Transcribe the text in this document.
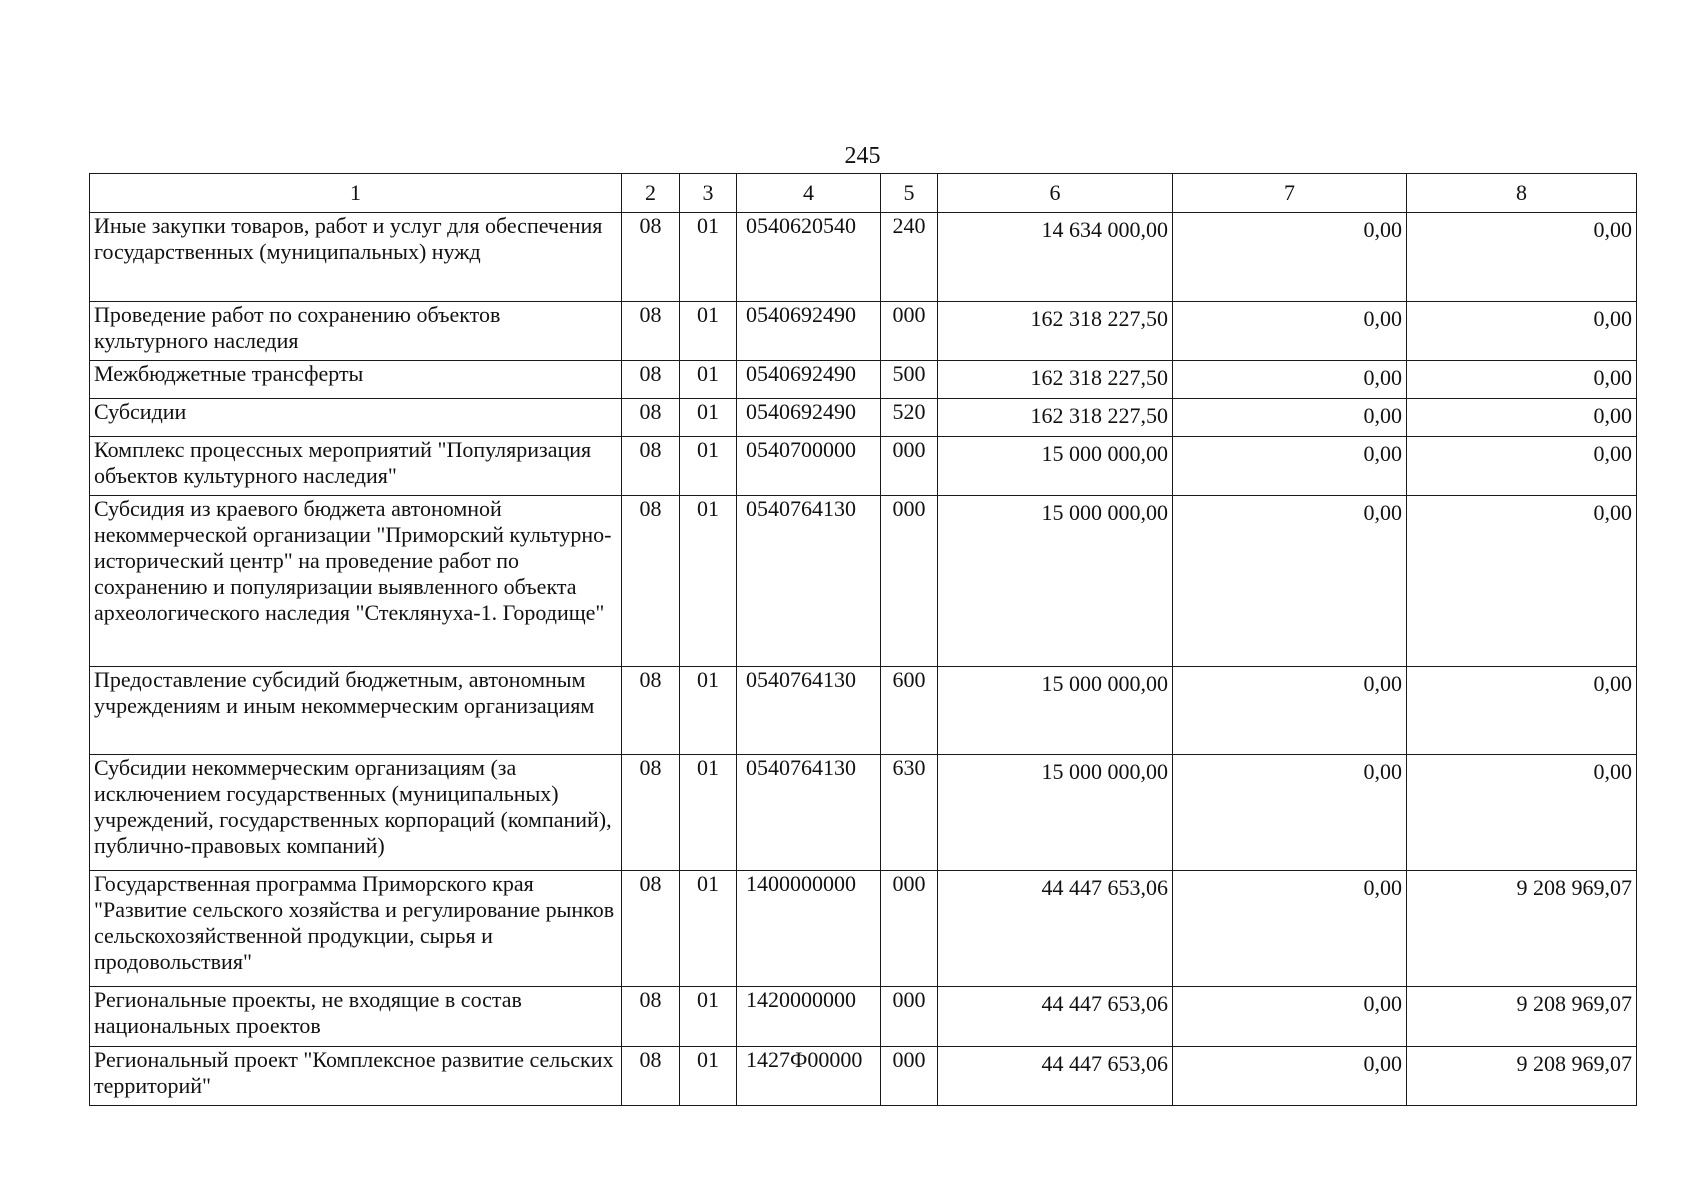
245
1	2	3	4	5	6	7	8
Иные закупки товаров, работ и услуг для обеспечения государственных (муниципальных) нужд	08	01	0540620540	240	14 634 000,00	0,00	0,00
Проведение работ по сохранению объектов культурного наследия	08	01	0540692490	000	162 318 227,50	0,00	0,00
Межбюджетные трансферты	08	01	0540692490	500	162 318 227,50	0,00	0,00
Субсидии	08	01	0540692490	520	162 318 227,50	0,00	0,00
Комплекс процессных мероприятий "Популяризация объектов культурного наследия"	08	01	0540700000	000	15 000 000,00	0,00	0,00
Субсидия из краевого бюджета автономной некоммерческой организации "Приморский культурно-исторический центр" на проведение работ по сохранению и популяризации выявленного объекта археологического наследия "Стеклянуха-1. Городище"	08	01	0540764130	000	15 000 000,00	0,00	0,00
Предоставление субсидий бюджетным, автономным учреждениям и иным некоммерческим организациям	08	01	0540764130	600	15 000 000,00	0,00	0,00
Субсидии некоммерческим организациям (за исключением государственных (муниципальных) учреждений, государственных корпораций (компаний), публично-правовых компаний)	08	01	0540764130	630	15 000 000,00	0,00	0,00
Государственная программа Приморского края "Развитие сельского хозяйства и регулирование рынков сельскохозяйственной продукции, сырья и продовольствия"	08	01	1400000000	000	44 447 653,06	0,00	9 208 969,07
Региональные проекты, не входящие в состав национальных проектов	08	01	1420000000	000	44 447 653,06	0,00	9 208 969,07
Региональный проект "Комплексное развитие сельских территорий"	08	01	1427Ф00000	000	44 447 653,06	0,00	9 208 969,07
